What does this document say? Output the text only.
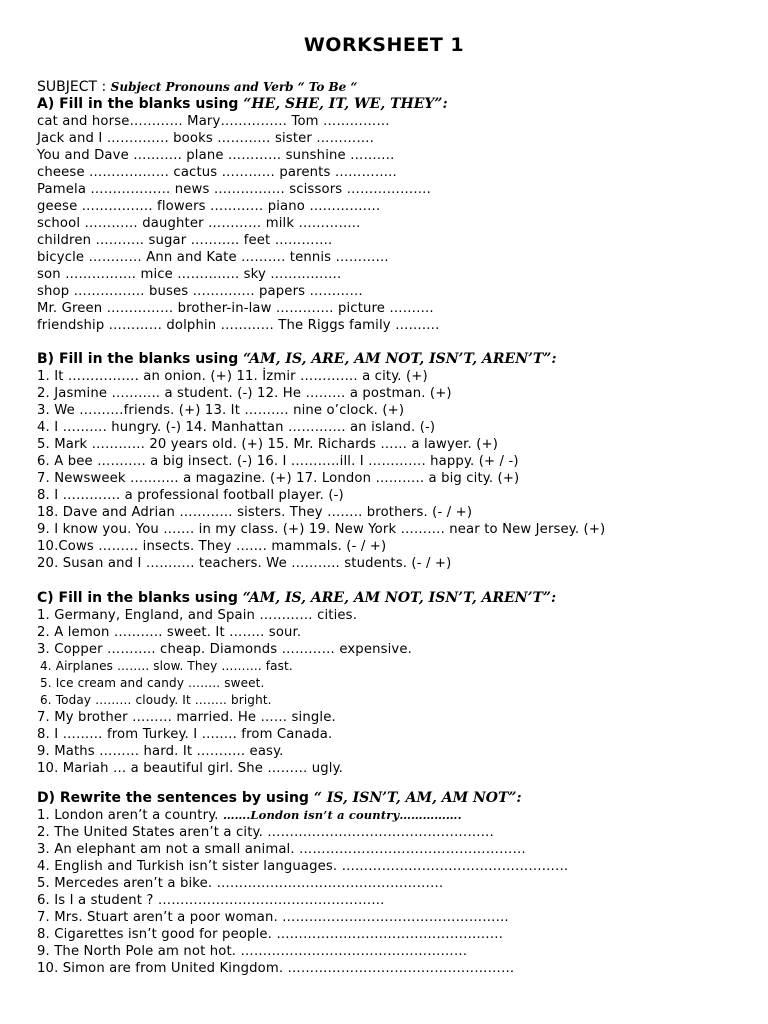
WORKSHEET 1
SUBJECT : Subject Pronouns and Verb “ To Be “
A) Fill in the blanks using “HE, SHE, IT, WE, THEY”:
cat and horse………… Mary…………… Tom ……………
Jack and I ………….. books ………… sister ………….
You and Dave ……….. plane ………… sunshine ……….
cheese ……………… cactus ………… parents …………..
Pamela ……………… news ……………. scissors ……………….
geese ……………. flowers ………… piano …………….
school ………… daughter ………… milk …………..
children ……….. sugar ……….. feet ………….
bicycle ………… Ann and Kate ………. tennis …………
son ……………. mice ………….. sky …………….
shop ……………. buses ………….. papers …………
Mr. Green …………… brother-in-law …………. picture ……….
friendship ………… dolphin ………… The Riggs family ……….
B) Fill in the blanks using “AM, IS, ARE, AM NOT, ISN’T, AREN’T”:
1. It ……………. an onion. (+) 11. İzmir …………. a city. (+)
2. Jasmine ……….. a student. (-) 12. He ……… a postman. (+)
3. We ……….friends. (+) 13. It ………. nine o’clock. (+)
4. I ………. hungry. (-) 14. Manhattan …………. an island. (-)
5. Mark ………… 20 years old. (+) 15. Mr. Richards …… a lawyer. (+)
6. A bee ……….. a big insect. (-) 16. I ………..ill. I …………. happy. (+ / -)
7. Newsweek ……….. a magazine. (+) 17. London ……….. a big city. (+)
8. I …………. a professional football player. (-)
18. Dave and Adrian ………… sisters. They …….. brothers. (- / +)
9. I know you. You ……. in my class. (+) 19. New York ………. near to New Jersey. (+)
10.Cows ……… insects. They ……. mammals. (- / +)
20. Susan and I ……….. teachers. We ……….. students. (- / +)
C) Fill in the blanks using “AM, IS, ARE, AM NOT, ISN’T, AREN’T”:
1. Germany, England, and Spain ………… cities.
2. A lemon ……….. sweet. It …….. sour.
3. Copper ……….. cheap. Diamonds ………… expensive.
4. Airplanes …….. slow. They ………. fast.
5. Ice cream and candy …….. sweet.
6. Today ……… cloudy. It …….. bright.
7. My brother ……… married. He …… single.
8. I ……… from Turkey. I …….. from Canada.
9. Maths ……… hard. It ……….. easy.
10. Mariah … a beautiful girl. She ……… ugly.
D) Rewrite the sentences by using “ IS, ISN’T, AM, AM NOT”:
1. London aren’t a country. …….London isn’t a country…………….
2. The United States aren’t a city. ……………………………………………
3. An elephant am not a small animal. ……………………………………………
4. English and Turkish isn’t sister languages. ……………………………………………
5. Mercedes aren’t a bike. ……………………………………………
6. Is I a student ? ……………………………………………
7. Mrs. Stuart aren’t a poor woman. ……………………………………………
8. Cigarettes isn’t good for people. ……………………………………………
9. The North Pole am not hot. ……………………………………………
10. Simon are from United Kingdom. ……………………………………………
